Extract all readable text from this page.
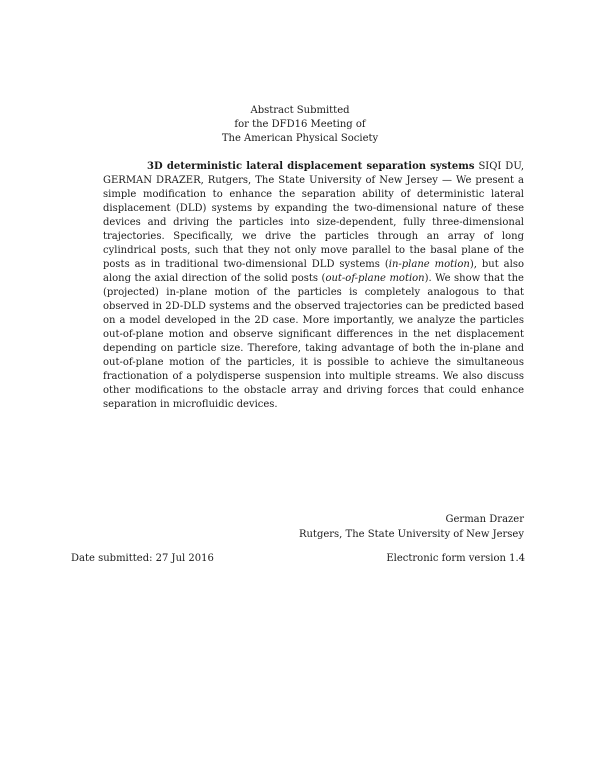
Abstract Submitted
for the DFD16 Meeting of
The American Physical Society
3D deterministic lateral displacement separation systems SIQI DU, GERMAN DRAZER, Rutgers, The State University of New Jersey — We present a simple modification to enhance the separation ability of deterministic lateral displacement (DLD) systems by expanding the two-dimensional nature of these devices and driving the particles into size-dependent, fully three-dimensional trajectories. Specifically, we drive the particles through an array of long cylindrical posts, such that they not only move parallel to the basal plane of the posts as in traditional two-dimensional DLD systems (in-plane motion), but also along the axial direction of the solid posts (out-of-plane motion). We show that the (projected) in-plane motion of the particles is completely analogous to that observed in 2D-DLD systems and the observed trajectories can be predicted based on a model developed in the 2D case. More importantly, we analyze the particles out-of-plane motion and observe significant differences in the net displacement depending on particle size. Therefore, taking advantage of both the in-plane and out-of-plane motion of the particles, it is possible to achieve the simultaneous fractionation of a polydisperse suspension into multiple streams. We also discuss other modifications to the obstacle array and driving forces that could enhance separation in microfluidic devices.
German Drazer
Rutgers, The State University of New Jersey
Date submitted: 27 Jul 2016	Electronic form version 1.4
